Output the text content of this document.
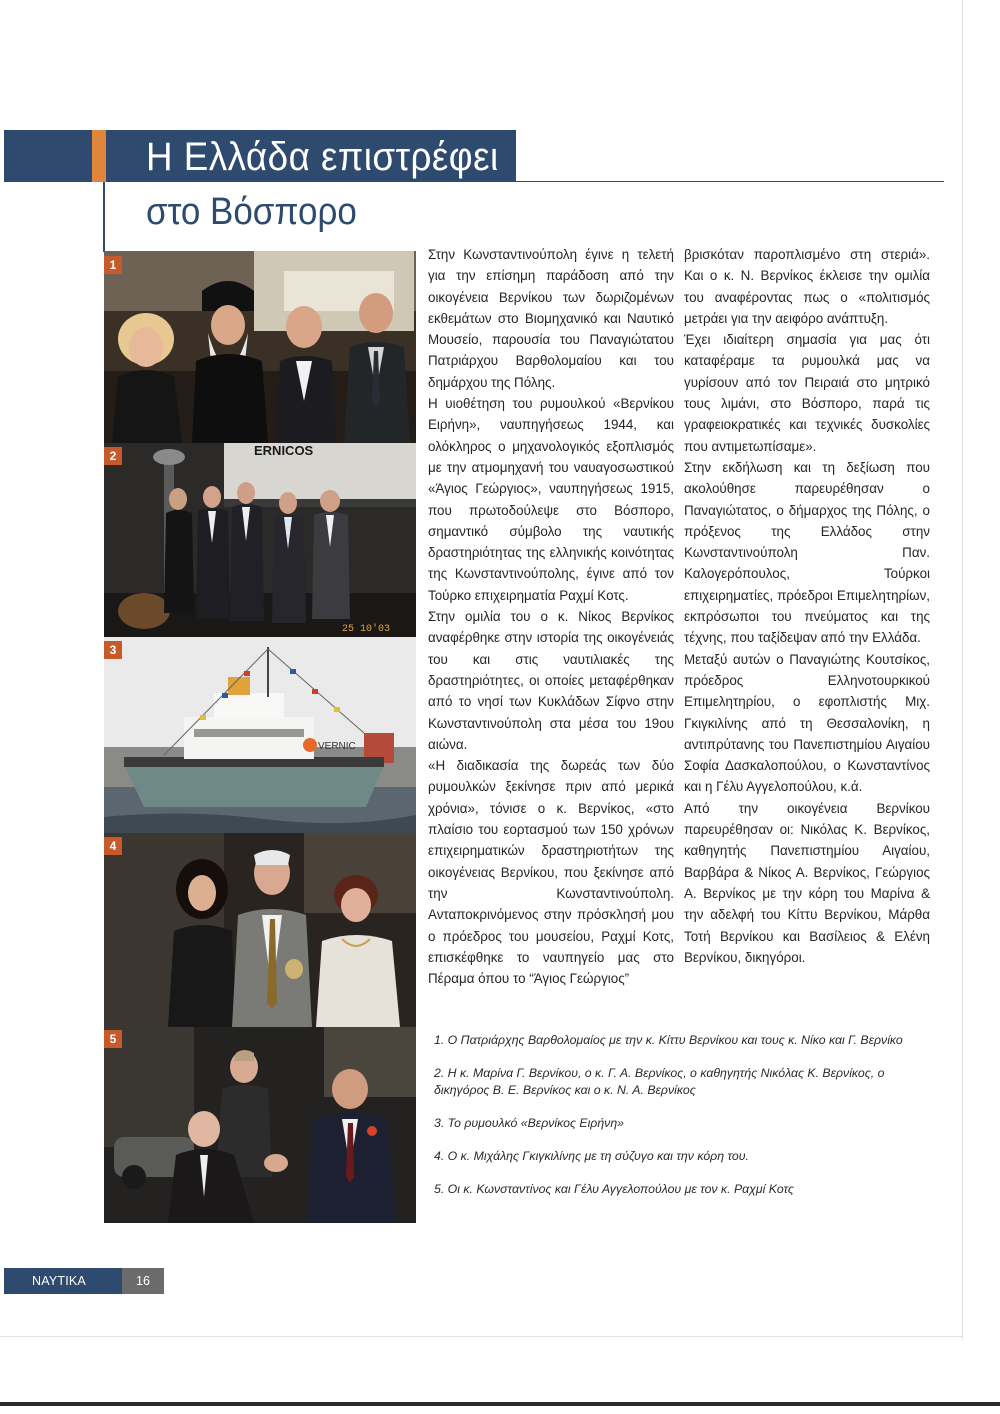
Η Ελλάδα επιστρέφει
στο Βόσπορο
1
2	ERNICOS
25 10'03
3
VERNIC
4
5

Στην Κωνσταντινούπολη έγινε η τελετή για την επίσημη παράδοση από την οικογένεια Βερνίκου των δωριζομένων εκθεμάτων στο Βιομηχανικό και Ναυτικό Μουσείο, παρουσία του Παναγιώτατου Πατριάρχου Βαρθολομαίου και του δημάρχου της Πόλης.

Η υιοθέτηση του ρυμουλκού «Βερνίκου Ειρήνη», ναυπηγήσεως 1944, και ολόκληρος ο μηχανολογικός εξοπλισμός με την ατμομηχανή του ναυαγοσωστικού «Άγιος Γεώργιος», ναυπηγήσεως 1915, που πρωτοδούλεψε στο Βόσπορο, σημαντικό σύμβολο της ναυτικής δραστηριότητας της ελληνικής κοινότητας της Κωνσταντινούπολης, έγινε από τον Τούρκο επιχειρηματία Ραχμί Κοτς.

Στην ομιλία του ο κ. Νίκος Βερνίκος αναφέρθηκε στην ιστορία της οικογένειάς του και στις ναυτιλιακές της δραστηριότητες, οι οποίες μεταφέρθηκαν από το νησί των Κυκλάδων Σίφνο στην Κωνσταντινούπολη στα μέσα του 19ου αιώνα.

«Η διαδικασία της δωρεάς των δύο ρυμουλκών ξεκίνησε πριν από μερικά χρόνια», τόνισε ο κ. Βερνίκος, «στο πλαίσιο του εορτασμού των 150 χρόνων επιχειρηματικών δραστηριοτήτων της οικογένειας Βερνίκου, που ξεκίνησε από την Κωνσταντινούπολη. Ανταποκρινόμενος στην πρόσκλησή μου ο πρόεδρος του μουσείου, Ραχμί Κοτς, επισκέφθηκε το ναυπηγείο μας στο Πέραμα όπου το “Άγιος Γεώργιος”

βρισκόταν παροπλισμένο στη στεριά». Και ο κ. Ν. Βερνίκος έκλεισε την ομιλία του αναφέροντας πως ο «πολιτισμός μετράει για την αειφόρο ανάπτυξη.

Έχει ιδιαίτερη σημασία για μας ότι καταφέραμε τα ρυμουλκά μας να γυρίσουν από τον Πειραιά στο μητρικό τους λιμάνι, στο Βόσπορο, παρά τις γραφειοκρατικές και τεχνικές δυσκολίες που αντιμετωπίσαμε».

Στην εκδήλωση και τη δεξίωση που ακολούθησε παρευρέθησαν ο Παναγιώτατος, ο δήμαρχος της Πόλης, ο πρόξενος της Ελλάδος στην Κωνσταντινούπολη Παν. Καλογερόπουλος, Τούρκοι επιχειρηματίες, πρόεδροι Επιμελητηρίων, εκπρόσωποι του πνεύματος και της τέχνης, που ταξίδεψαν από την Ελλάδα.

Μεταξύ αυτών ο Παναγιώτης Κουτσίκος, πρόεδρος Ελληνοτουρκικού Επιμελητηρίου, ο εφοπλιστής Μιχ. Γκιγκιλίνης από τη Θεσσαλονίκη, η αντιπρύτανης του Πανεπιστημίου Αιγαίου Σοφία Δασκαλοπούλου, ο Κωνσταντίνος και η Γέλυ Αγγελοπούλου, κ.ά.

Από την οικογένεια Βερνίκου παρευρέθησαν οι: Νικόλας Κ. Βερνίκος, καθηγητής Πανεπιστημίου Αιγαίου, Βαρβάρα & Νίκος Α. Βερνίκος, Γεώργιος Α. Βερνίκος με την κόρη του Μαρίνα & την αδελφή του Κίττυ Βερνίκου, Μάρθα Τοτή Βερνίκου και Βασίλειος & Ελένη Βερνίκου, δικηγόροι.

1. Ο Πατριάρχης Βαρθολομαίος με την κ. Κίττυ Βερνίκου και τους κ. Νίκο και Γ. Βερνίκο

2. Η κ. Μαρίνα Γ. Βερνίκου, ο κ. Γ. Α. Βερνίκος, ο καθηγητής Νικόλας Κ. Βερνίκος, ο δικηγόρος Β. Ε. Βερνίκος και ο κ. Ν. Α. Βερνίκος

3. Το ρυμουλκό «Βερνίκος Ειρήνη»

4. Ο κ. Μιχάλης Γκιγκιλίνης με τη σύζυγο και την κόρη του.

5. Οι κ. Κωνσταντίνος και Γέλυ Αγγελοπούλου με τον κ. Ραχμί Κοτς

ΝΑΥΤΙΚΑ ΧΡΟΝΙΚΑ
16
